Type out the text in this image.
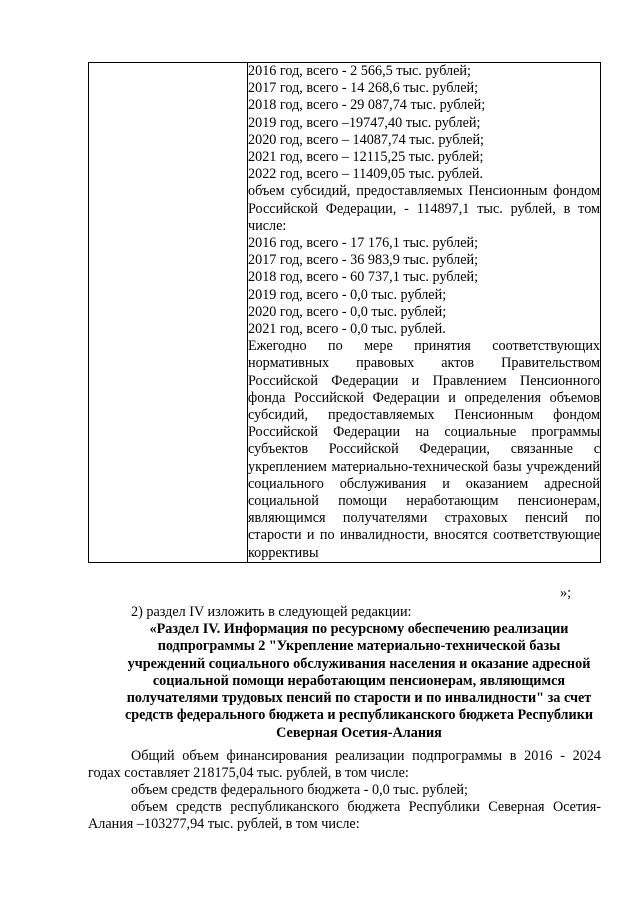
2016 год, всего - 2 566,5 тыс. рублей;
2017 год, всего - 14 268,6 тыс. рублей;
2018 год, всего - 29 087,74 тыс. рублей;
2019 год, всего –19747,40 тыс. рублей;
2020 год, всего – 14087,74 тыс. рублей;
2021 год, всего – 12115,25 тыс. рублей;
2022 год, всего – 11409,05 тыс. рублей.
объем субсидий, предоставляемых Пенсионным фондом Российской Федерации, - 114897,1 тыс. рублей, в том числе:
2016 год, всего - 17 176,1 тыс. рублей;
2017 год, всего - 36 983,9 тыс. рублей;
2018 год, всего - 60 737,1 тыс. рублей;
2019 год, всего - 0,0 тыс. рублей;
2020 год, всего - 0,0 тыс. рублей;
2021 год, всего - 0,0 тыс. рублей.
Ежегодно по мере принятия соответствующих нормативных правовых актов Правительством Российской Федерации и Правлением Пенсионного фонда Российской Федерации и определения объемов субсидий, предоставляемых Пенсионным фондом Российской Федерации на социальные программы субъектов Российской Федерации, связанные с укреплением материально-технической базы учреждений социального обслуживания и оказанием адресной социальной помощи неработающим пенсионерам, являющимся получателями страховых пенсий по старости и по инвалидности, вносятся соответствующие коррективы
»;
2) раздел IV изложить в следующей редакции:
«Раздел IV. Информация по ресурсному обеспечению реализации подпрограммы 2 "Укрепление материально-технической базы учреждений социального обслуживания населения и оказание адресной социальной помощи неработающим пенсионерам, являющимся получателями трудовых пенсий по старости и по инвалидности" за счет средств федерального бюджета и республиканского бюджета Республики Северная Осетия-Алания

Общий объем финансирования реализации подпрограммы в 2016 - 2024 годах составляет 218175,04 тыс. рублей, в том числе:

объем средств федерального бюджета - 0,0 тыс. рублей;

объем средств республиканского бюджета Республики Северная Осетия-Алания –103277,94 тыс. рублей, в том числе:
